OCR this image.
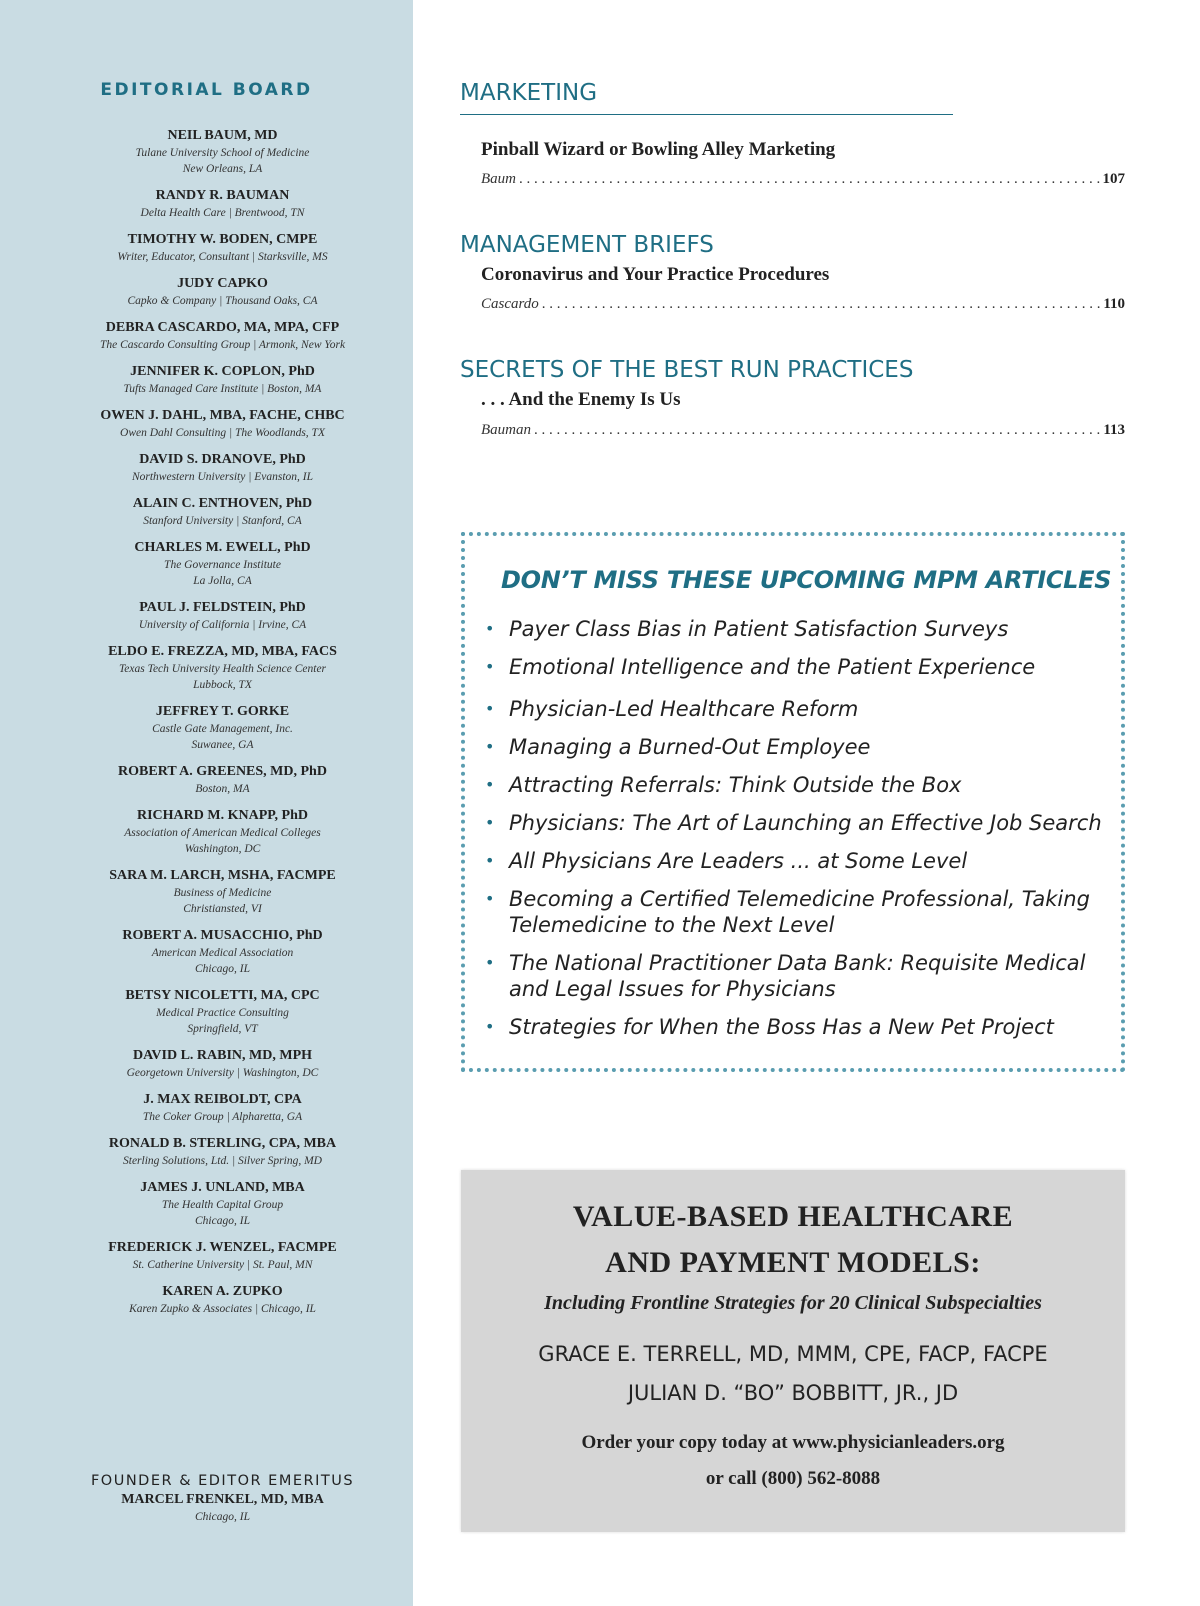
EDITORIAL BOARD
NEIL BAUM, MD
Tulane University School of Medicine
New Orleans, LA
RANDY R. BAUMAN
Delta Health Care | Brentwood, TN
TIMOTHY W. BODEN, CMPE
Writer, Educator, Consultant | Starksville, MS
JUDY CAPKO
Capko & Company | Thousand Oaks, CA
DEBRA CASCARDO, MA, MPA, CFP
The Cascardo Consulting Group | Armonk, New York
JENNIFER K. COPLON, PhD
Tufts Managed Care Institute | Boston, MA
OWEN J. DAHL, MBA, FACHE, CHBC
Owen Dahl Consulting | The Woodlands, TX
DAVID S. DRANOVE, PhD
Northwestern University | Evanston, IL
ALAIN C. ENTHOVEN, PhD
Stanford University | Stanford, CA
CHARLES M. EWELL, PhD
The Governance Institute
La Jolla, CA
PAUL J. FELDSTEIN, PhD
University of California | Irvine, CA
ELDO E. FREZZA, MD, MBA, FACS
Texas Tech University Health Science Center
Lubbock, TX
JEFFREY T. GORKE
Castle Gate Management, Inc.
Suwanee, GA
ROBERT A. GREENES, MD, PhD
Boston, MA
RICHARD M. KNAPP, PhD
Association of American Medical Colleges
Washington, DC
SARA M. LARCH, MSHA, FACMPE
Business of Medicine
Christiansted, VI
ROBERT A. MUSACCHIO, PhD
American Medical Association
Chicago, IL
BETSY NICOLETTI, MA, CPC
Medical Practice Consulting
Springfield, VT
DAVID L. RABIN, MD, MPH
Georgetown University | Washington, DC
J. MAX REIBOLDT, CPA
The Coker Group | Alpharetta, GA
RONALD B. STERLING, CPA, MBA
Sterling Solutions, Ltd. | Silver Spring, MD
JAMES J. UNLAND, MBA
The Health Capital Group
Chicago, IL
FREDERICK J. WENZEL, FACMPE
St. Catherine University | St. Paul, MN
KAREN A. ZUPKO
Karen Zupko & Associates | Chicago, IL
FOUNDER & EDITOR EMERITUS
MARCEL FRENKEL, MD, MBA
Chicago, IL
MARKETING
Pinball Wizard or Bowling Alley Marketing
Baum . . .	107
MANAGEMENT BRIEFS
Coronavirus and Your Practice Procedures
Cascardo . . .	110
SECRETS OF THE BEST RUN PRACTICES
. . . And the Enemy Is Us
Bauman . . .	113
DON’T MISS THESE UPCOMING MPM ARTICLES
• Payer Class Bias in Patient Satisfaction Surveys
• Emotional Intelligence and the Patient Experience
• Physician-Led Healthcare Reform
• Managing a Burned-Out Employee
• Attracting Referrals: Think Outside the Box
• Physicians: The Art of Launching an Effective Job Search
• All Physicians Are Leaders ... at Some Level
• Becoming a Certified Telemedicine Professional, Taking
Telemedicine to the Next Level
• The National Practitioner Data Bank: Requisite Medical
and Legal Issues for Physicians
• Strategies for When the Boss Has a New Pet Project
VALUE-BASED HEALTHCARE
AND PAYMENT MODELS:
Including Frontline Strategies for 20 Clinical Subspecialties
GRACE E. TERRELL, MD, MMM, CPE, FACP, FACPE
JULIAN D. “BO” BOBBITT, JR., JD
Order your copy today at www.physicianleaders.org
or call (800) 562-8088
